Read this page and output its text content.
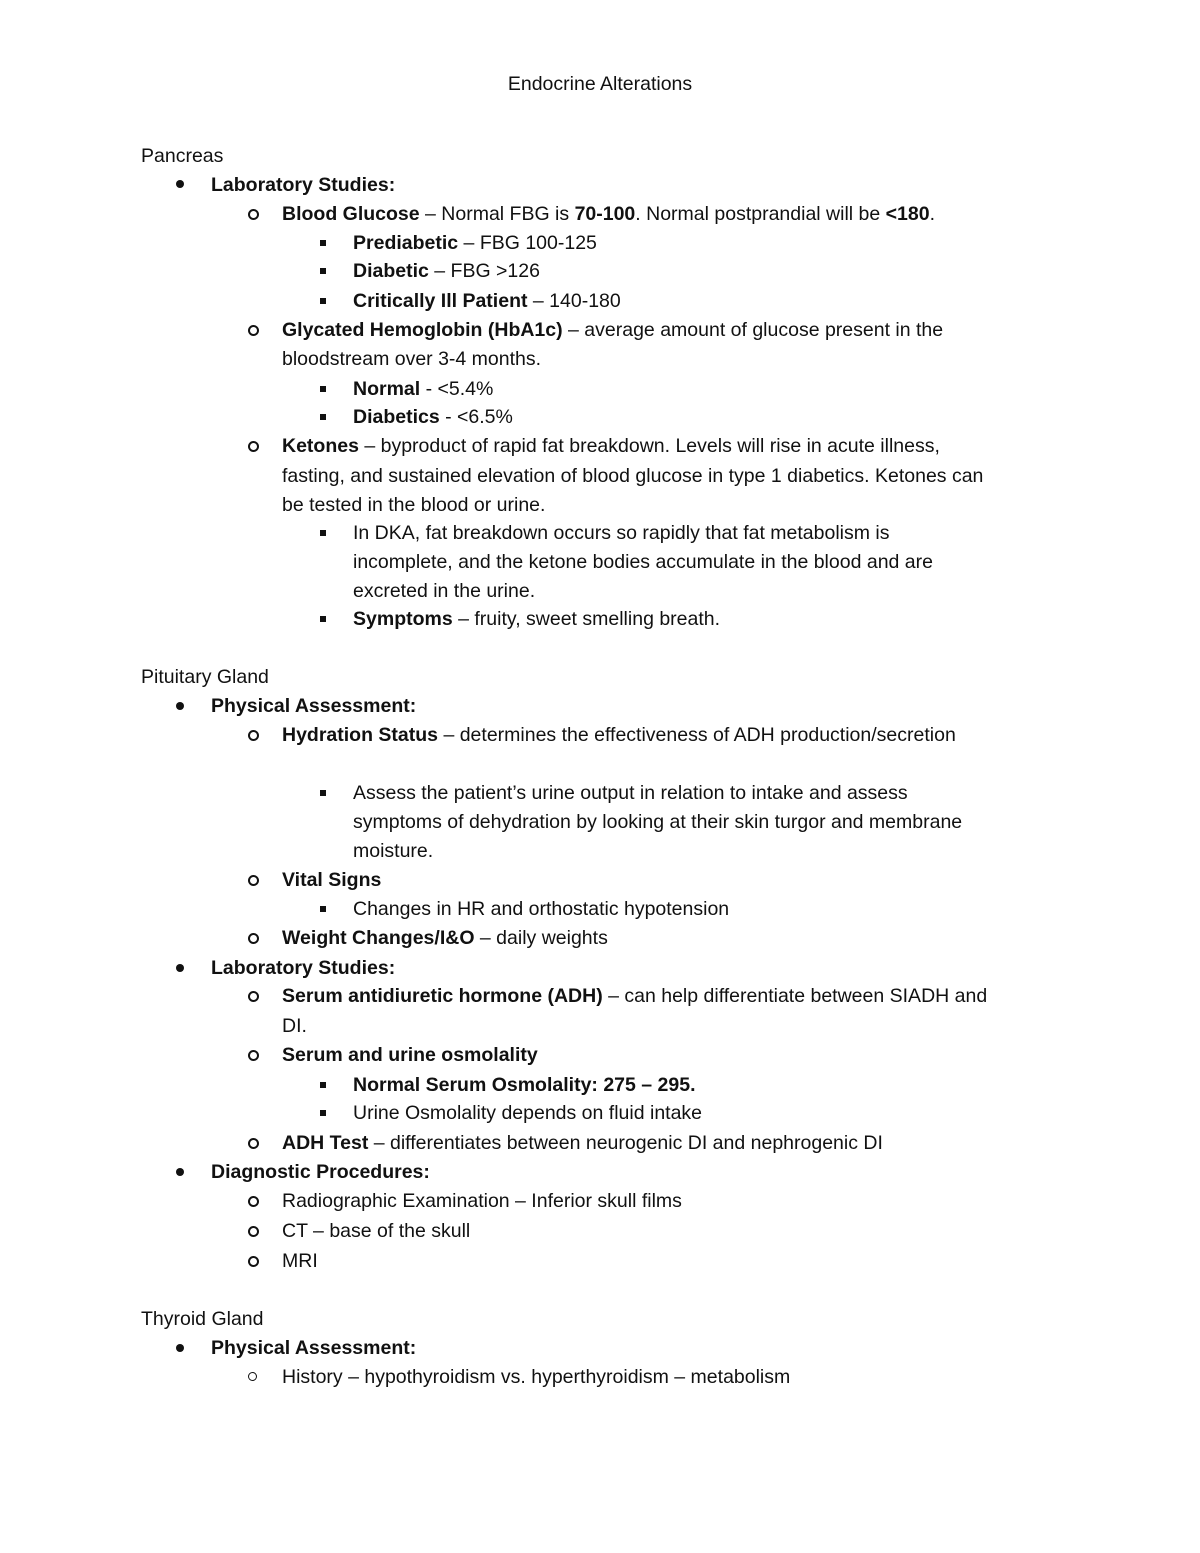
Endocrine Alterations
Pancreas
Laboratory Studies:
Blood Glucose – Normal FBG is 70-100. Normal postprandial will be <180.
Prediabetic – FBG 100-125
Diabetic – FBG >126
Critically Ill Patient – 140-180
Glycated Hemoglobin (HbA1c) – average amount of glucose present in the
bloodstream over 3-4 months.
Normal - <5.4%
Diabetics - <6.5%
Ketones – byproduct of rapid fat breakdown. Levels will rise in acute illness,
fasting, and sustained elevation of blood glucose in type 1 diabetics. Ketones can
be tested in the blood or urine.
In DKA, fat breakdown occurs so rapidly that fat metabolism is
incomplete, and the ketone bodies accumulate in the blood and are
excreted in the urine.
Symptoms – fruity, sweet smelling breath.
Pituitary Gland
Physical Assessment:
Hydration Status – determines the effectiveness of ADH production/secretion
Assess the patient’s urine output in relation to intake and assess
symptoms of dehydration by looking at their skin turgor and membrane
moisture.
Vital Signs
Changes in HR and orthostatic hypotension
Weight Changes/I&O – daily weights
Laboratory Studies:
Serum antidiuretic hormone (ADH) – can help differentiate between SIADH and
DI.
Serum and urine osmolality
Normal Serum Osmolality: 275 – 295.
Urine Osmolality depends on fluid intake
ADH Test – differentiates between neurogenic DI and nephrogenic DI
Diagnostic Procedures:
Radiographic Examination – Inferior skull films
CT – base of the skull
MRI
Thyroid Gland
Physical Assessment:
History – hypothyroidism vs. hyperthyroidism – metabolism
